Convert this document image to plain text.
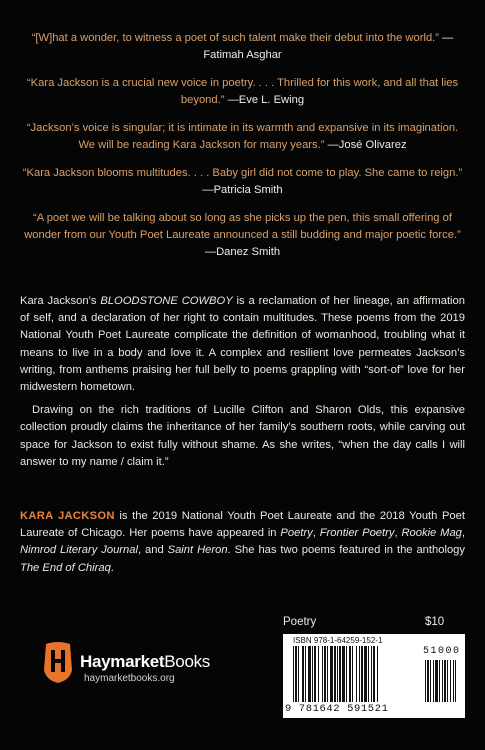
“[W]hat a wonder, to witness a poet of such talent make their debut into the world.” —Fatimah Asghar

“Kara Jackson is a crucial new voice in poetry. . . . Thrilled for this work, and all that lies beyond.” —Eve L. Ewing

“Jackson’s voice is singular; it is intimate in its warmth and expansive in its imagination. We will be reading Kara Jackson for many years.” —José Olivarez

“Kara Jackson blooms multitudes. . . . Baby girl did not come to play. She came to reign.” —Patricia Smith

“A poet we will be talking about so long as she picks up the pen, this small offering of wonder from our Youth Poet Laureate announced a still budding and major poetic force.” —Danez Smith

Kara Jackson’s BLOODSTONE COWBOY is a reclamation of her lineage, an affirmation of self, and a declaration of her right to contain multitudes. These poems from the 2019 National Youth Poet Laureate complicate the definition of womanhood, troubling what it means to live in a body and love it. A complex and resilient love permeates Jackson’s writing, from anthems praising her full belly to poems grappling with “sort-of” love for her midwestern hometown.

Drawing on the rich traditions of Lucille Clifton and Sharon Olds, this expansive collection proudly claims the inheritance of her family’s southern roots, while carving out space for Jackson to exist fully without shame. As she writes, “when the day calls I will answer to my name / claim it.”

KARA JACKSON is the 2019 National Youth Poet Laureate and the 2018 Youth Poet Laureate of Chicago. Her poems have appeared in Poetry, Frontier Poetry, Rookie Mag, Nimrod Literary Journal, and Saint Heron. She has two poems featured in the anthology The End of Chiraq.
HaymarketBooks
haymarketbooks.org
Poetry	$10
ISBN 978-1-64259-152-1
51000
9 781642 591521
